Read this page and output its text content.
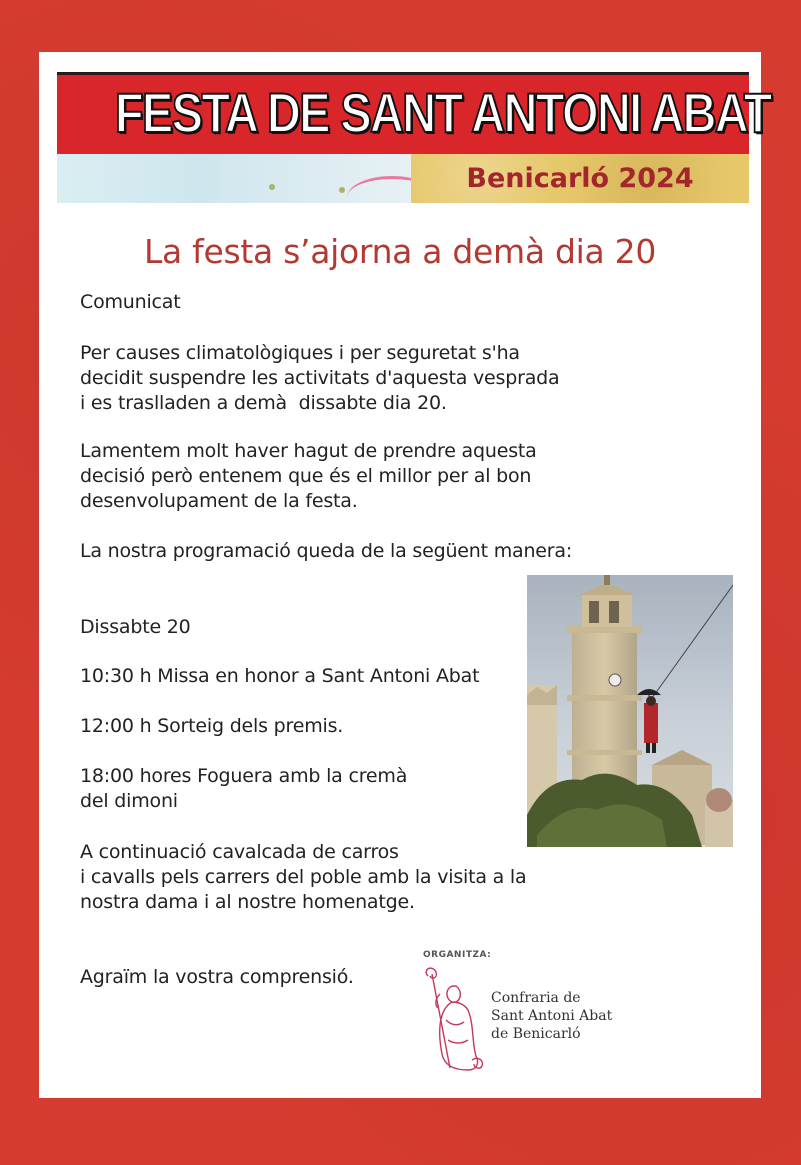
FESTA DE SANT ANTONI ABAT
Benicarló 2024
La festa s’ajorna a demà dia 20
Comunicat
Per causes climatològiques i per seguretat s'ha
decidit suspendre les activitats d'aquesta vesprada
i es traslladen a demà  dissabte dia 20.
Lamentem molt haver hagut de prendre aquesta
decisió però entenem que és el millor per al bon
desenvolupament de la festa.
La nostra programació queda de la següent manera:
Dissabte 20
10:30 h Missa en honor a Sant Antoni Abat
12:00 h Sorteig dels premis.
18:00 hores Foguera amb la cremà
del dimoni
A continuació cavalcada de carros
i cavalls pels carrers del poble amb la visita a la
nostra dama i al nostre homenatge.
Agraïm la vostra comprensió.
ORGANITZA:
Confraria de
Sant Antoni Abat
de Benicarló
